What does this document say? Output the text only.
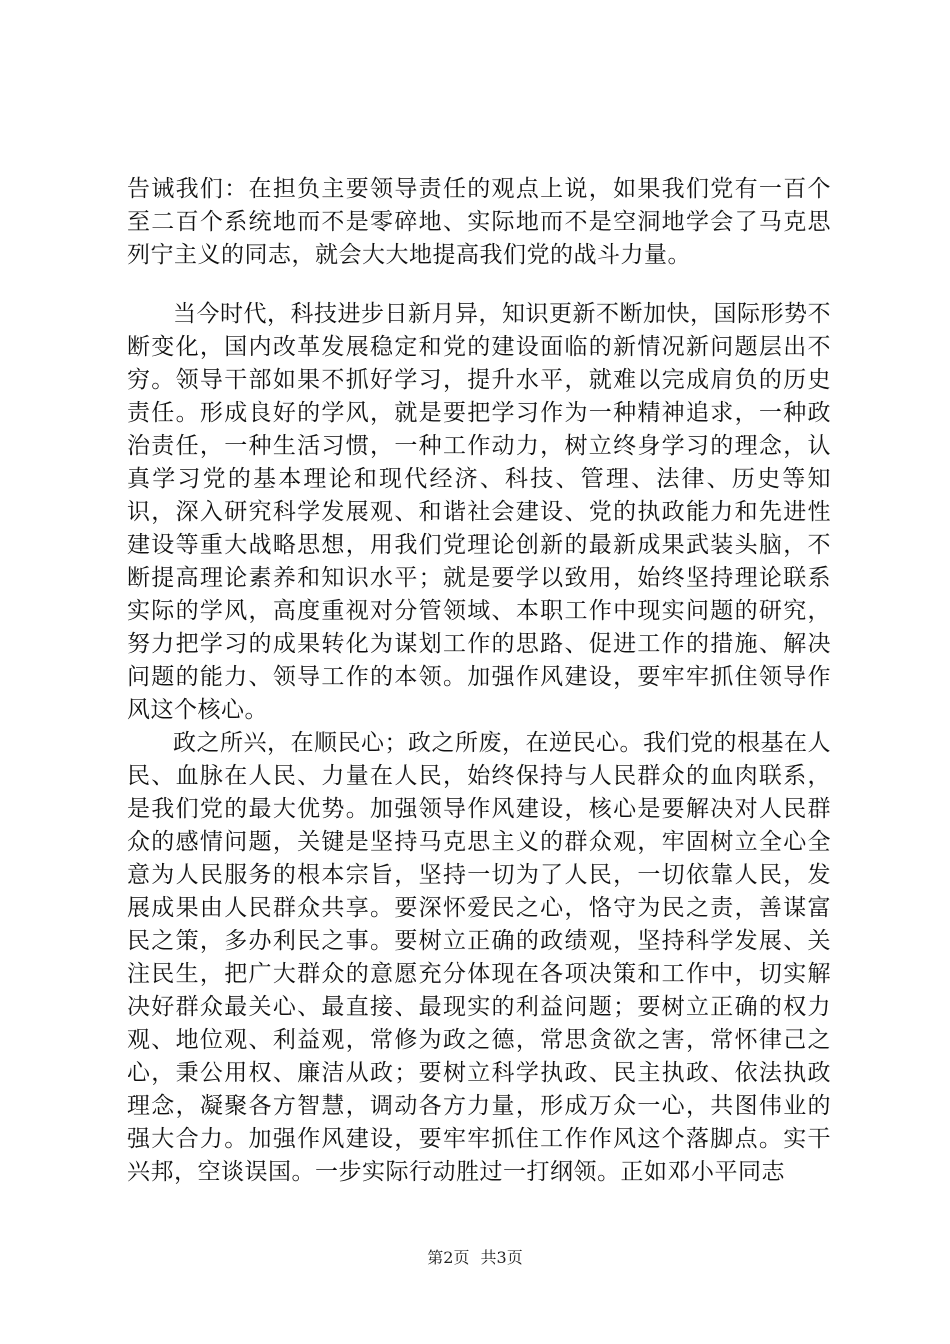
告诫我们：在担负主要领导责任的观点上说，如果我们党有一百个至二百个系统地而不是零碎地、实际地而不是空洞地学会了马克思列宁主义的同志，就会大大地提高我们党的战斗力量。

当今时代，科技进步日新月异，知识更新不断加快，国际形势不断变化，国内改革发展稳定和党的建设面临的新情况新问题层出不穷。领导干部如果不抓好学习，提升水平，就难以完成肩负的历史责任。形成良好的学风，就是要把学习作为一种精神追求，一种政治责任，一种生活习惯，一种工作动力，树立终身学习的理念，认真学习党的基本理论和现代经济、科技、管理、法律、历史等知识，深入研究科学发展观、和谐社会建设、党的执政能力和先进性建设等重大战略思想，用我们党理论创新的最新成果武装头脑，不断提高理论素养和知识水平；就是要学以致用，始终坚持理论联系实际的学风，高度重视对分管领域、本职工作中现实问题的研究，努力把学习的成果转化为谋划工作的思路、促进工作的措施、解决问题的能力、领导工作的本领。加强作风建设，要牢牢抓住领导作风这个核心。

政之所兴，在顺民心；政之所废，在逆民心。我们党的根基在人民、血脉在人民、力量在人民，始终保持与人民群众的血肉联系，是我们党的最大优势。加强领导作风建设，核心是要解决对人民群众的感情问题，关键是坚持马克思主义的群众观，牢固树立全心全意为人民服务的根本宗旨，坚持一切为了人民，一切依靠人民，发展成果由人民群众共享。要深怀爱民之心，恪守为民之责，善谋富民之策，多办利民之事。要树立正确的政绩观，坚持科学发展、关注民生，把广大群众的意愿充分体现在各项决策和工作中，切实解决好群众最关心、最直接、最现实的利益问题；要树立正确的权力观、地位观、利益观，常修为政之德，常思贪欲之害，常怀律己之心，秉公用权、廉洁从政；要树立科学执政、民主执政、依法执政理念，凝聚各方智慧，调动各方力量，形成万众一心，共图伟业的强大合力。加强作风建设，要牢牢抓住工作作风这个落脚点。实干兴邦，空谈误国。一步实际行动胜过一打纲领。正如邓小平同志

第2页 共3页
